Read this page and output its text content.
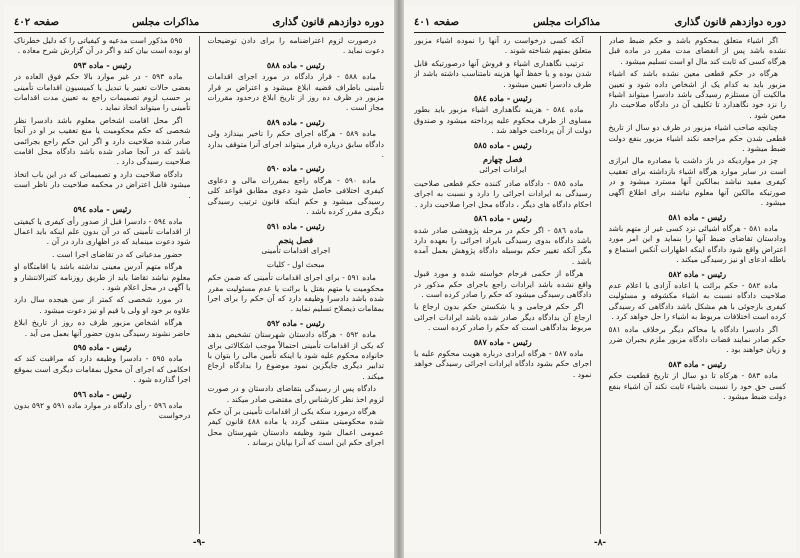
دوره دوازدهم قانون گذاری
مذاکرات مجلس
صفحه ٤٠٢
درصورت لزوم اعتراضنامه را برای دادن توضیحات دعوت نماید .
رئیس - ماده ٥٨٨
ماده ٥٨٨ - قرار دادگاه در مورد اجرای اقدامات تأمینی باطراف قضیه ابلاغ میشود و اعتراض بر قرار مزبور در ظرف ده روز از تاریخ ابلاغ درحدود مقررات مجاز است .
رئیس - ماده ٥٨٩
ماده ٥٨٩ - هرگاه اجرای حکم را تاخیر بیندازد ولی دادگاه سابق درباره قرار میتواند اجرای آنرا متوقف بدارد .
رئیس - ماده ٥٩٠
ماده ٥٩٠ - هرگاه راجع بمقررات مالی و دعاوی کیفری اختلافی حاصل شود دعوی مطابق قواعد کلی رسیدگی میشود و حکم اینکه قانون ترتیب رسیدگی دیگری مقرر کرده باشد .
رئیس - ماده ٥٩١
فصل پنجم
اجرای اقدامات تأمینی
مبحث اول - کلیات
ماده ٥٩١ - برای اجرای اقدامات تأمینی که ضمن حکم محکومیت یا متهم بقتل یا برائت یا عدم مسئولیت مقرر شده باشد دادسرا وظیفه دارد که آن حکم را برای اجرا بمقامات ذیصلاح تسلیم نماید .
رئیس - ماده ٥٩٢
ماده ٥٩٢ - هرگاه دادستان شهرستان تشخیص بدهد که یکی از اقدامات تأمینی احتمالاً موجب اشکالاتی برای خانواده محکوم علیه شود یا اینکه تأمین مالی را بتوان با تدابیر دیگری جایگزین نمود موضوع را بدادگاه ارجاع میکند .
دادگاه پس از رسیدگی بتقاضای دادستان و در صورت لزوم اخذ نظر کارشناس رأی مقتضی صادر میکند .
هرگاه درمورد سکه یکی از اقدامات تأمینی بر آن حکم شده محکومیتی منتفی گردد یا ماده ٤٨٨ قانون کیفر عمومی اعمال شود وظیفه دادستان شهرستان محل اجرای حکم این است که آنرا بپایان برساند .
٥٩٥ مذکور است مدعیه و کیفیاتی را که دلیل خطرناک او بوده است بیان کند و اگر در آن گزارش شرح معاده .
رئیس - ماده ٥٩٣
ماده ٥٩٣ - در غیر موارد بالا حکم فوق العاده در بعضی حالات تغییر یا تبدیل یا کمیسیون اقدامات تأمینی بر حسب لزوم تصمیمات راجع به تعیین مدت اقدامات تأمینی را میتواند اتخاذ نماید .
اگر محل اقامت اشخاص معلوم باشد دادسرا نظر شخصی که حکم محکومیت یا منع تعقیب بر او در آنجا صادر شده صلاحیت دارد و اگر این حکم راجع بجرائمی باشد که در آنجا صادر شده باشد دادگاه محل اقامت صلاحیت رسیدگی دارد .
دادگاه صلاحیت دارد و تصمیماتی که در این باب اتخاذ میشود قابل اعتراض در محکمه صلاحیت دار ناظر است .
رئیس - ماده ٥٩٤
ماده ٥٩٤ - دادسرا قبل از صدور رأی کیفری یا کیفیتی از اقدامات تأمینی که در آن بدون علم اینکه باید اعمال شود دعوت مینماید که در اظهاری دارد در آن .
حضور مدعیانی که در تقاضای اجرا است .
هرگاه متهم آدرس معینی نداشته باشد یا اقامتگاه او معلوم نباشد تقاضا باید از طریق روزنامه کثیرالانتشار و یا آگهی در محل اعلام شود .
در مورد شخصی که کمتر از سن هیجده سال دارد علاوه بر خود او ولی یا قیم او نیز دعوت میشود .
هرگاه اشخاص مزبور ظرف ده روز از تاریخ ابلاغ حاضر نشوند رسیدگی بدون حضور آنها بعمل می آید .
رئیس - ماده ٥٩٥
ماده ٥٩٥ - دادسرا وظیفه دارد که مراقبت کند که احکامی که اجرای آن محول بمقامات دیگری است بموقع اجرا گذارده شود .
رئیس - ماده ٥٩٦
ماده ٥٩٦ - رأی دادگاه در موارد ماده ٥٩١ و ٥٩٢ بدون درخواست
-٩-
دوره دوازدهم قانون گذاری
مذاکرات مجلس
صفحه ٤٠١
اگر اشیاء متعلق بمحکوم باشد و حکم ضبط صادر نشده باشد پس از انقضای مدت مقرر در ماده قبل هرگاه کسی که ثابت کند مال او است تسلیم میشود .
هرگاه در حکم قطعی معین نشده باشد که اشیاء مزبور باید به کدام یک از اشخاص داده شود و تعیین مالکیت آن مستلزم رسیدگی باشد دادسرا میتواند اشیاء را نزد خود نگاهدارد تا تکلیف آن در دادگاه صلاحیت دار معین شود .
چنانچه صاحب اشیاء مزبور در ظرف دو سال از تاریخ قطعی شدن حکم مراجعه نکند اشیاء مزبور بنفع دولت ضبط میشود .
چز در مواردیکه در باز داشت یا مصادره مال ابرازی است در سایر موارد هرگاه اشیاء بازداشته برای تعقیب کیفری مفید نباشد بمالکین آنها مسترد میشود و در صورتیکه مالکین آنها معلوم نباشند برای اطلاع آگهی میشود .
رئیس - ماده ٥٨١
ماده ٥٨١ - هرگاه اشیائی نزد کسی غیر از متهم باشد ودادستان تقاضای ضبط آنها را بنماید و این امر مورد اعتراض واقع شود دادگاه اینکه اظهارات آنکس استماع و باطله ادعای او نیز رسیدگی میکند .
رئیس - ماده ٥٨٢
ماده ٥٨٢ - حکم برائت یا اعاده آزادی یا اعلام عدم صلاحیت دادگاه نسبت به اشیاء مکشوفه و مسئولیت کیفری بازجوئی با هم مشکل باشد دادگاهی که رسیدگی کرده است اختلافات مربوط به اشیاء را حل خواهد کرد .
اگر دادسرا دادگاه یا محاکم دیگر برخلاف ماده ٥٨١ حکم صادر نمایند قضات دادگاه مزبور ملزم بجبران ضرر و زیان خواهند بود .
رئیس - ماده ٥٨٣
ماده ٥٨٣ - هرکاه تا دو سال از تاریخ قطعیت حکم کسی حق خود را نسبت باشیاء ثابت نکند آن اشیاء بنفع دولت ضبط میشود .
آنکه کسی درخواست رد آنها را نموده اشیاء مزبور متعلق بمتهم شناخته شوند .
ترتیب نگاهداری اشیاء و فروش آنها درصورتیکه قابل شدن بوده و یا حفظ آنها هزینه نامتناسب داشته باشد از طرف دادسرا تعیین میشود .
رئیس - ماده ٥٨٤
ماده ٥٨٤ - هزینه نگاهداری اشیاء مزبور باید بطور مساوی از طرف محکوم علیه پرداخته میشود و صندوق دولت از آن پرداخت خواهد شد .
رئیس - ماده ٥٨٥
فصل چهارم
ایرادات اجرائی
ماده ٥٨٥ - دادگاه صادر کننده حکم قطعی صلاحیت رسیدگی به ایرادات اجرائی را دارد و نسبت به اجرای احکام دادگاه های دیگر ، دادگاه محل اجرا صلاحیت دارد .
رئیس - ماده ٥٨٦
ماده ٥٨٦ - اگر حکم در مرحله پژوهشی صادر شده باشد دادگاه بدوی رسیدگی بایراد اجرائی را بعهده دارد مگر آنکه تغییر حکم بوسیله دادگاه پژوهش بعمل آمده باشد .
هرگاه از حکمی فرجام خواسته شده و مورد قبول واقع نشده باشد ایرادات راجع باجرای حکم مذکور در دادگاهی رسیدگی میشود که حکم را صادر کرده است .
اگر حکم فرجامی و یا شکستن حکم بدون ارجاع یا ارجاع آن بدادگاه دیگر صادر شده باشد ایرادات اجرائی مربوط بدادگاهی است که حکم را صادر کرده است .
رئیس - ماده ٥٨٧
ماده ٥٨٧ - هرگاه ایرادی درباره هویت محکوم علیه یا اجرای حکم بشود دادگاه ایرادات اجرائی رسیدگی خواهد نمود .
-٨-
